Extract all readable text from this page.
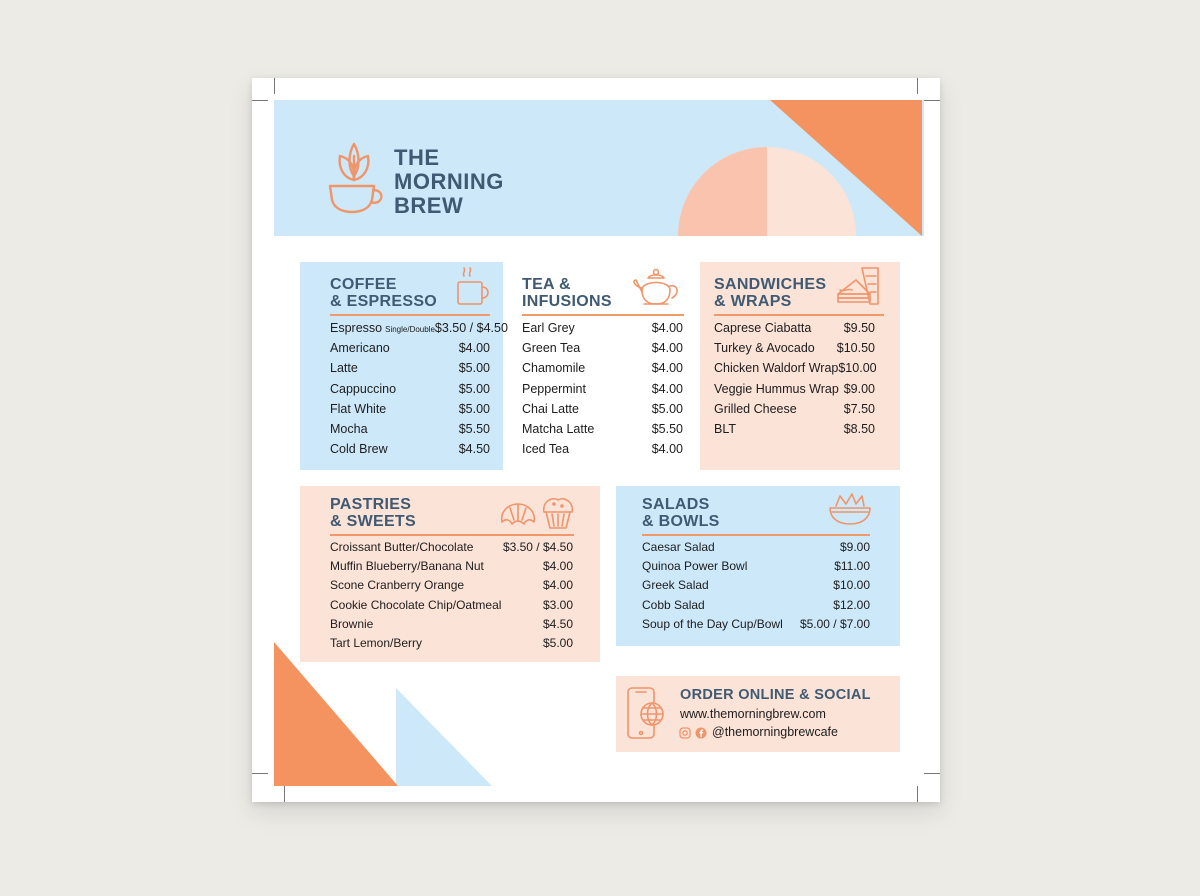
THE
MORNING
BREW
COFFEE
& ESPRESSO
Espresso Single/Double $3.50 / $4.50
Americano	$4.00
Latte	$5.00
Cappuccino	$5.00
Flat White	$5.00
Mocha	$5.50
Cold Brew	$4.50
TEA &
INFUSIONS
Earl Grey	$4.00
Green Tea	$4.00
Chamomile	$4.00
Peppermint	$4.00
Chai Latte	$5.00
Matcha Latte	$5.50
Iced Tea	$4.00
SANDWICHES
& WRAPS
Caprese Ciabatta	$9.50
Turkey & Avocado $10.50
Chicken Waldorf Wrap $10.00
Veggie Hummus Wrap $9.00
Grilled Cheese	$7.50
BLT	$8.50
PASTRIES
& SWEETS
Croissant Butter/Chocolate $3.50 / $4.50
Muffin Blueberry/Banana Nut	$4.00
Scone Cranberry Orange	$4.00
Cookie Chocolate Chip/Oatmeal	$3.00
Brownie	$4.50
Tart Lemon/Berry	$5.00
SALADS
& BOWLS
Caesar Salad	$9.00
Quinoa Power Bowl	$11.00
Greek Salad	$10.00
Cobb Salad	$12.00
Soup of the Day Cup/Bowl $5.00 / $7.00
ORDER ONLINE & SOCIAL
www.themorningbrew.com
@themorningbrewcafe
